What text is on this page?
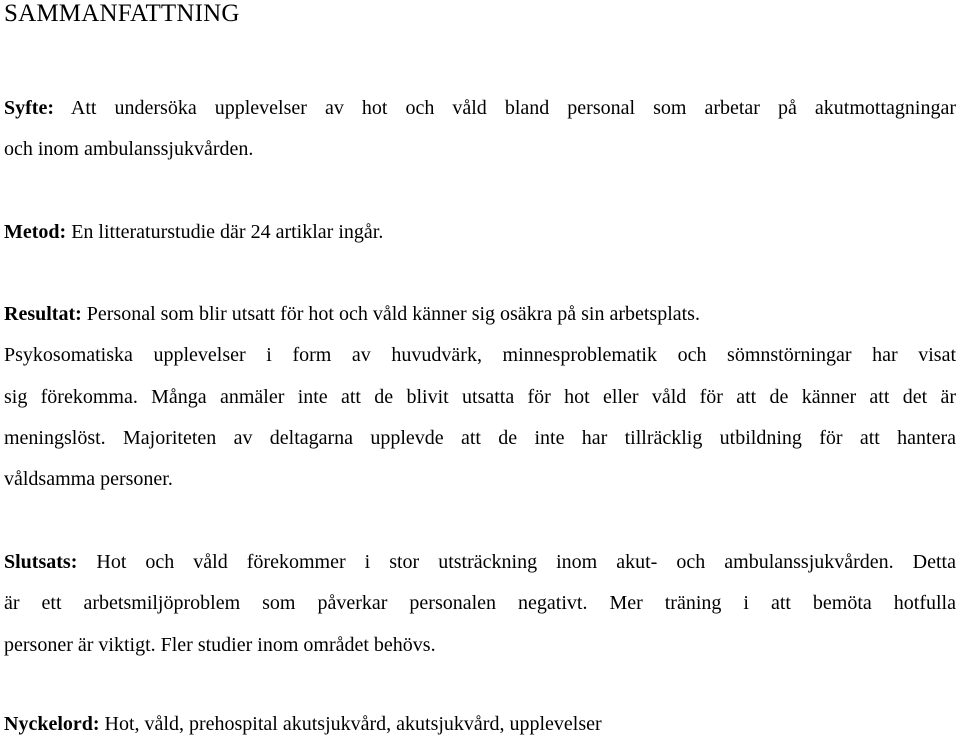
SAMMANFATTNING
Syfte: Att undersöka upplevelser av hot och våld bland personal som arbetar på akutmottagningar
och inom ambulanssjukvården.
Metod: En litteraturstudie där 24 artiklar ingår.
Resultat: Personal som blir utsatt för hot och våld känner sig osäkra på sin arbetsplats.
Psykosomatiska upplevelser i form av huvudvärk, minnesproblematik och sömnstörningar har visat
sig förekomma. Många anmäler inte att de blivit utsatta för hot eller våld för att de känner att det är
meningslöst. Majoriteten av deltagarna upplevde att de inte har tillräcklig utbildning för att hantera
våldsamma personer.
Slutsats: Hot och våld förekommer i stor utsträckning inom akut- och ambulanssjukvården. Detta
är ett arbetsmiljöproblem som påverkar personalen negativt. Mer träning i att bemöta hotfulla
personer är viktigt. Fler studier inom området behövs.
Nyckelord: Hot, våld, prehospital akutsjukvård, akutsjukvård, upplevelser
